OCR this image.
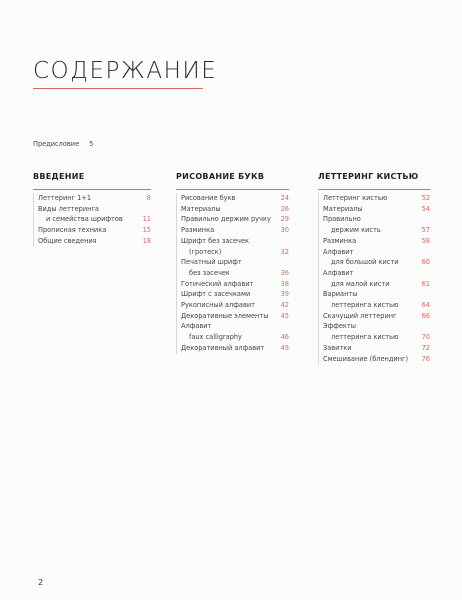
СОДЕРЖАНИЕ
Предисловие 5
ВВЕДЕНИЕ
Леттеринг 1+1	8
Виды леттеринга
и семейства шрифтов	11
Прописная техника	15
Общие сведения	18
РИСОВАНИЕ БУКВ
Рисование букв	24
Материалы	26
Правильно держим ручку 29
Разминка	30
Шрифт без засечек
(гротеск)	32
Печатный шрифт
без засечек	36
Готический алфавит	38
Шрифт с засечками	39
Рукописный алфавит	42
Декоративные элементы 45
Алфавит
faux calligraphy	46
Декоративный алфавит 49
ЛЕТТЕРИНГ КИСТЬЮ
Леттеринг кистью	52
Материалы	54
Правильно
держим кисть	57
Разминка	58
Алфавит
для большой кисти	60
Алфавит
для малой кисти	61
Варианты
леттеринга кистью	64
Скачущий леттеринг	66
Эффекты
леттеринга кистью	70
Завитки	72
Смешивание (блендинг) 76
2
